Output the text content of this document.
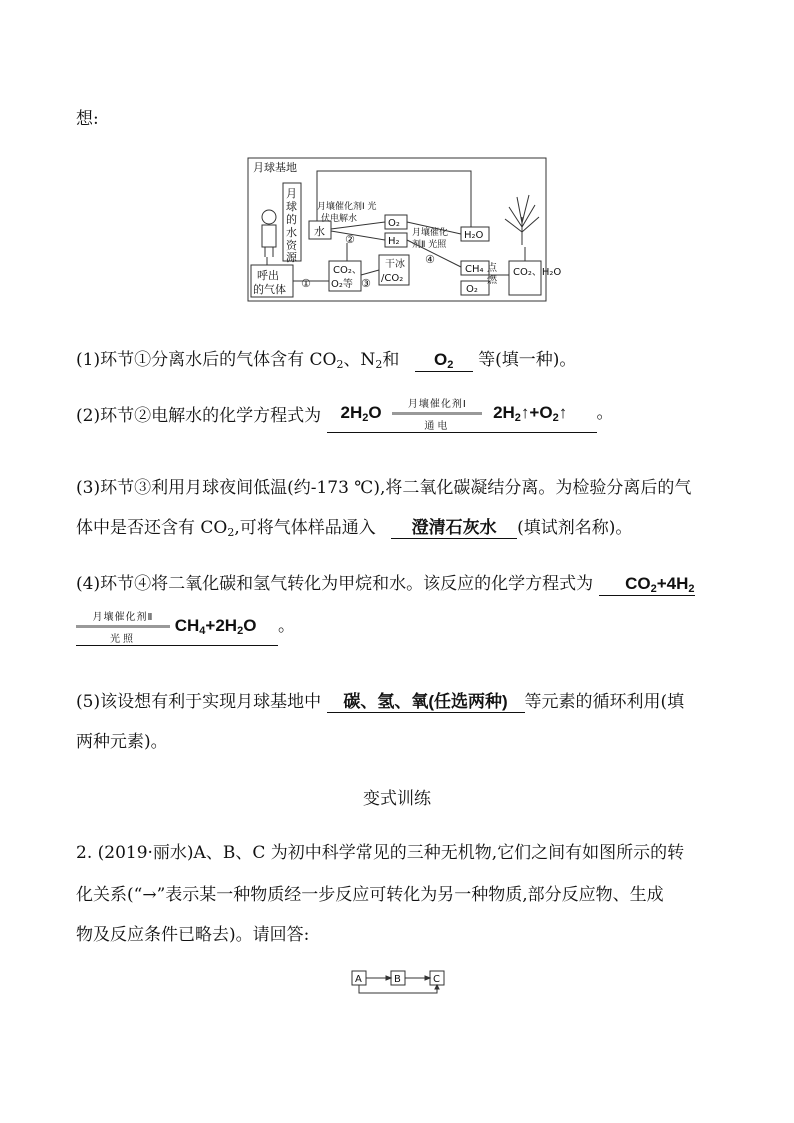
想:
月球基地
月
球
的
水
资
源
呼出
的气体 ①
水
月壤催化剂Ⅰ 光
伏电解水
②
O₂
H₂
月壤催化
剂Ⅱ 光照
④
H₂O
CO₂、H₂O
点
燃
CH₄
O₂
CO₂、
O₂等 ③
干冰
/CO₂
(1)环节①分离水后的气体含有 $CO_2$、$N_2$和 $O_2$ 等(填一种)。
(2)环节②电解水的化学方程式为 $2H_2O$	月壤催化剂Ⅰ
通电
$2H_2↑+O_2↑$ 。
(3)环节③利用月球夜间低温(约-173 ℃),将二氧化碳凝结分离。为检验分离后的气
体中是否还含有 $CO_2$,可将气体样品通入 澄清石灰水 (填试剂名称)。
(4)环节④将二氧化碳和氢气转化为甲烷和水。该反应的化学方程式为 $CO_2+4H_2$
月壤催化剂Ⅱ
光照
$CH_4+2H_2O$ 。
(5)该设想有利于实现月球基地中 碳、氢、氧(任选两种) 等元素的循环利用(填
两种元素)。
变式训练
2. (2019·丽水)A、B、C 为初中科学常见的三种无机物,它们之间有如图所示的转
化关系(“→”表示某一种物质经一步反应可转化为另一种物质,部分反应物、生成
物及反应条件已略去)。请回答:
A	B	C
